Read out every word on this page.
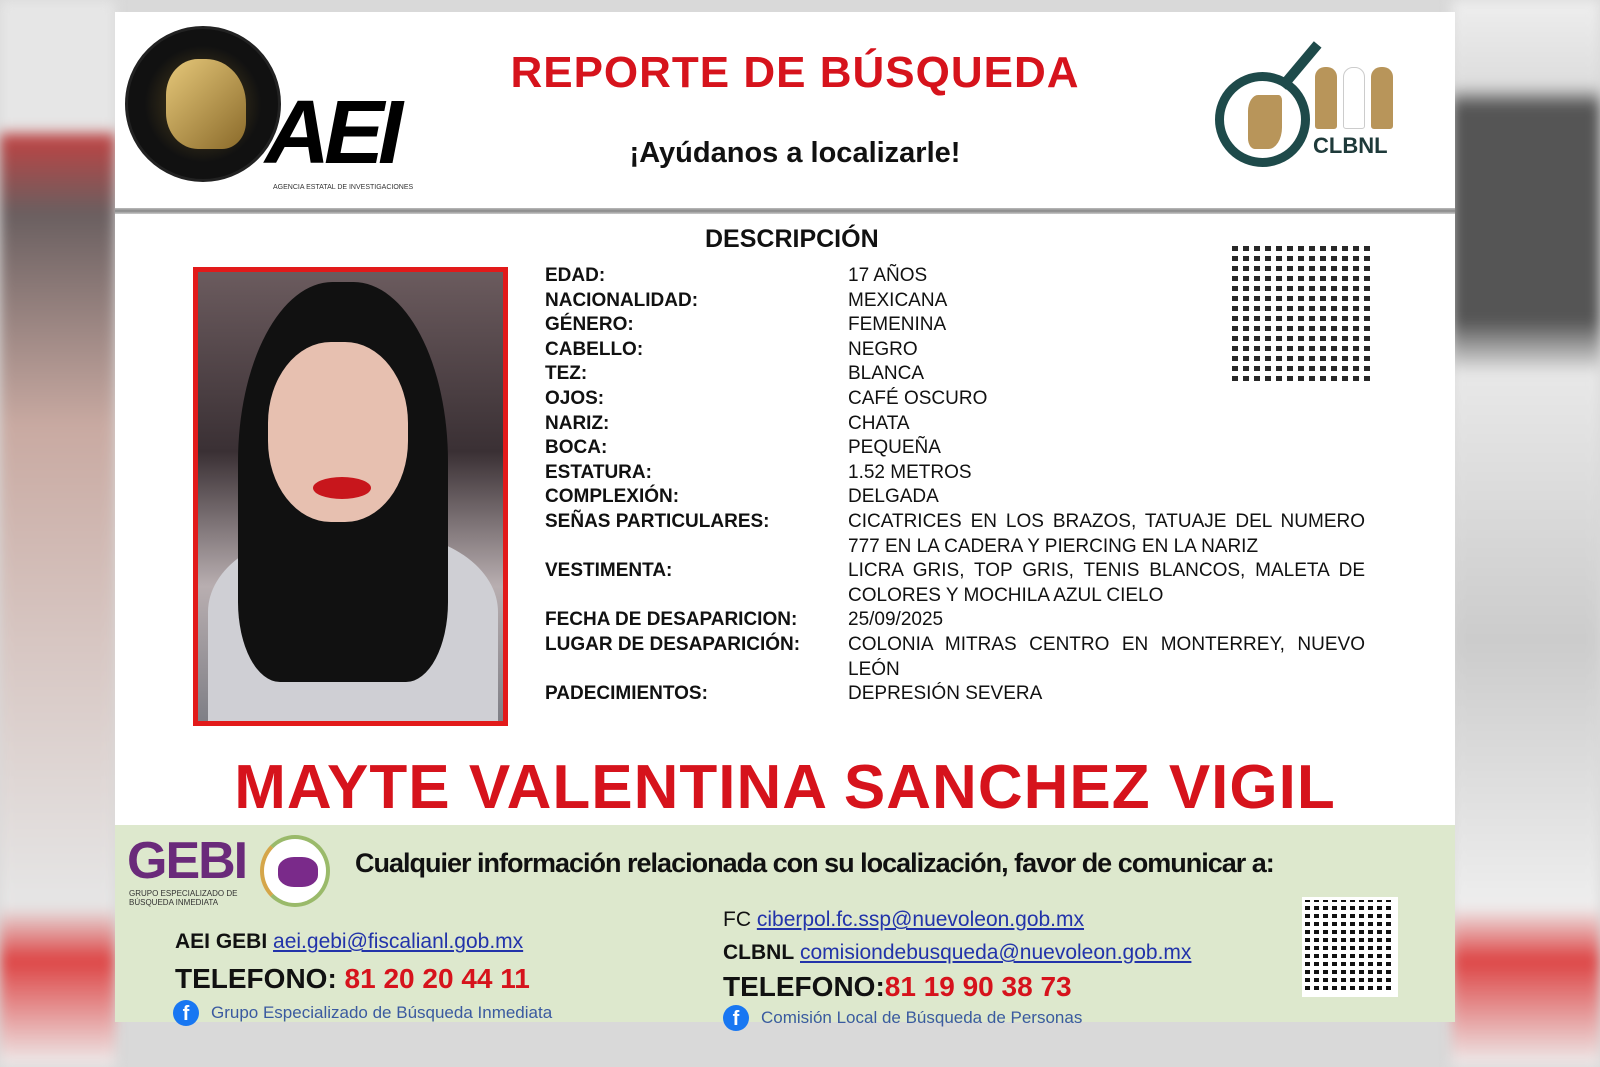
AEI
AGENCIA ESTATAL DE INVESTIGACIONES
REPORTE DE BÚSQUEDA
¡Ayúdanos a localizarle!	CLBNL
DESCRIPCIÓN
EDAD:	17 AÑOS
NACIONALIDAD:	MEXICANA
GÉNERO:	FEMENINA
CABELLO:	NEGRO
TEZ:	BLANCA
OJOS:	CAFÉ OSCURO
NARIZ:	CHATA
BOCA:	PEQUEÑA
ESTATURA:	1.52 METROS
COMPLEXIÓN:	DELGADA
SEÑAS PARTICULARES:	CICATRICES EN LOS BRAZOS, TATUAJE DEL NUMERO 777 EN LA CADERA Y PIERCING EN LA NARIZ
VESTIMENTA:	LICRA GRIS, TOP GRIS, TENIS BLANCOS, MALETA DE COLORES Y MOCHILA AZUL CIELO
FECHA DE DESAPARICION:	25/09/2025
LUGAR DE DESAPARICIÓN:	COLONIA MITRAS CENTRO EN MONTERREY, NUEVO LEÓN
PADECIMIENTOS:	DEPRESIÓN SEVERA
MAYTE VALENTINA SANCHEZ VIGIL
GEBI
GRUPO ESPECIALIZADO DE BÚSQUEDA INMEDIATA
Cualquier información relacionada con su localización, favor de comunicar a:
AEI GEBI aei.gebi@fiscalianl.gob.mx
TELEFONO: 81 20 20 44 11
f	Grupo Especializado de Búsqueda Inmediata
FC ciberpol.fc.ssp@nuevoleon.gob.mx
CLBNL comisiondebusqueda@nuevoleon.gob.mx
TELEFONO:81 19 90 38 73
f	Comisión Local de Búsqueda de Personas
